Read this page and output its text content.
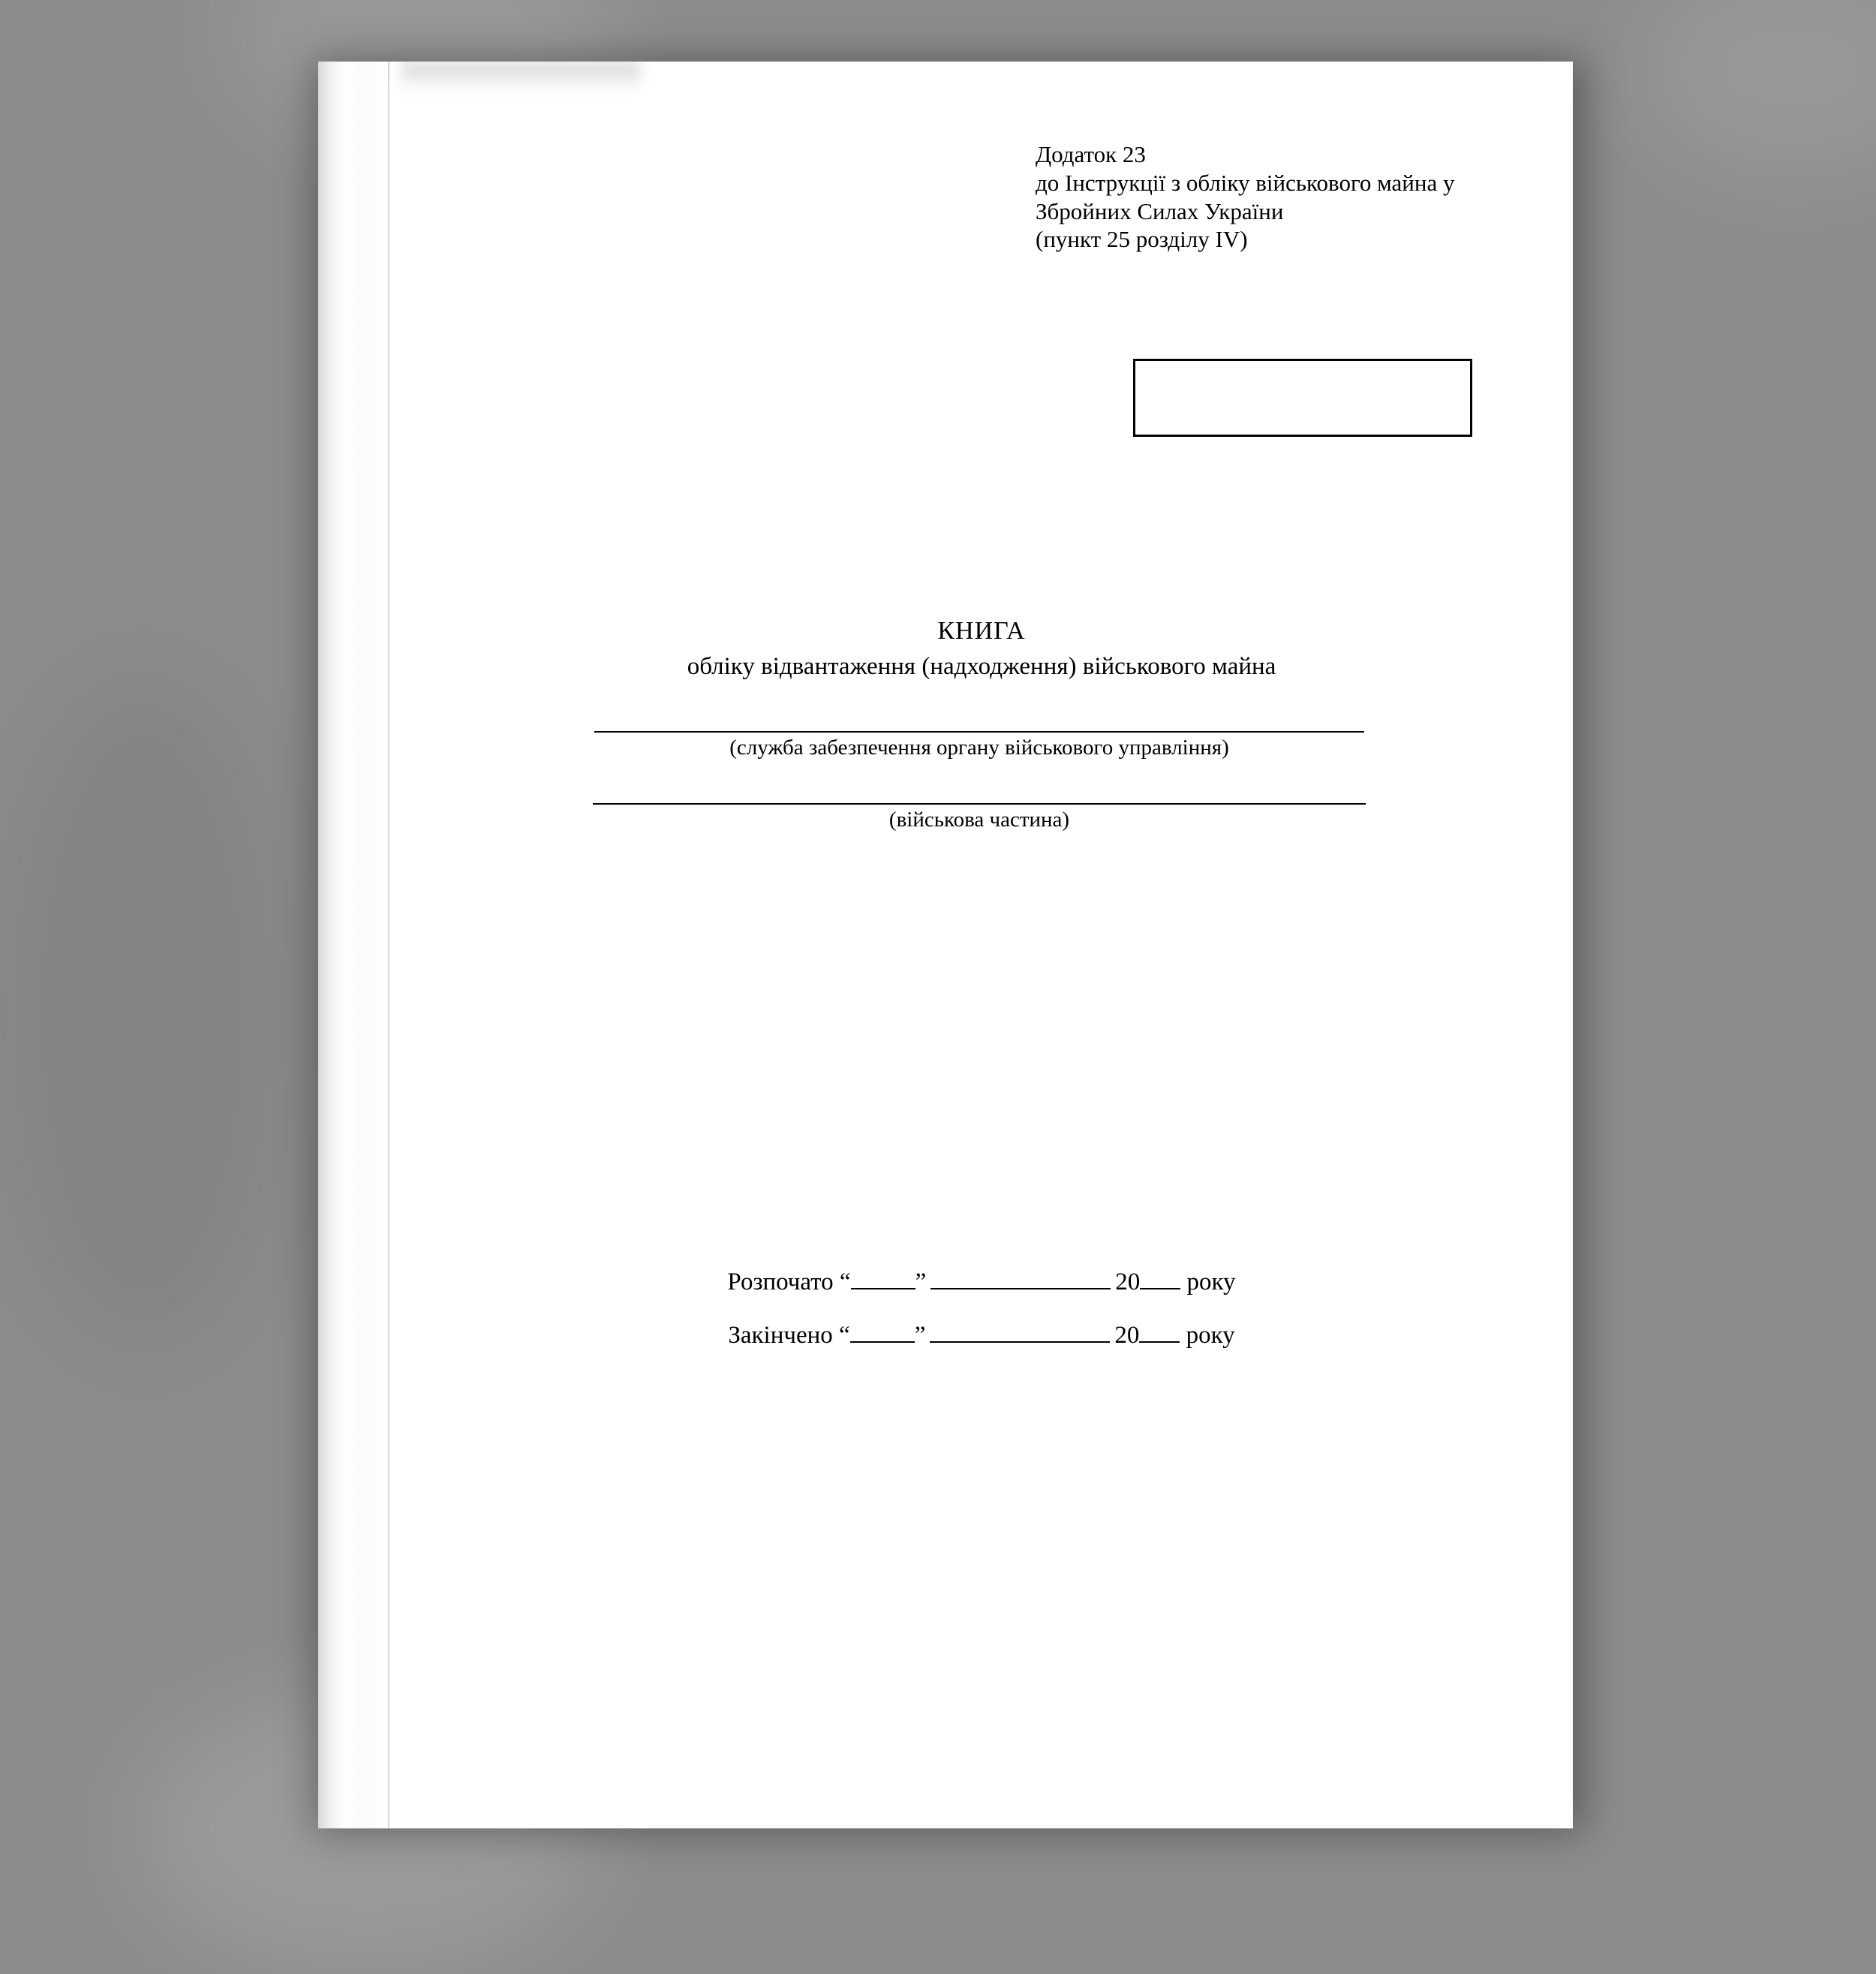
Додаток 23
до Інструкції з обліку військового майна у
Збройних Силах України
(пункт 25 розділу IV)
КНИГА
обліку відвантаження (надходження) військового майна
(служба забезпечення органу військового управління)
(військова частина)
Розпочато “	”	20 року
Закінчено “	”	20 року
